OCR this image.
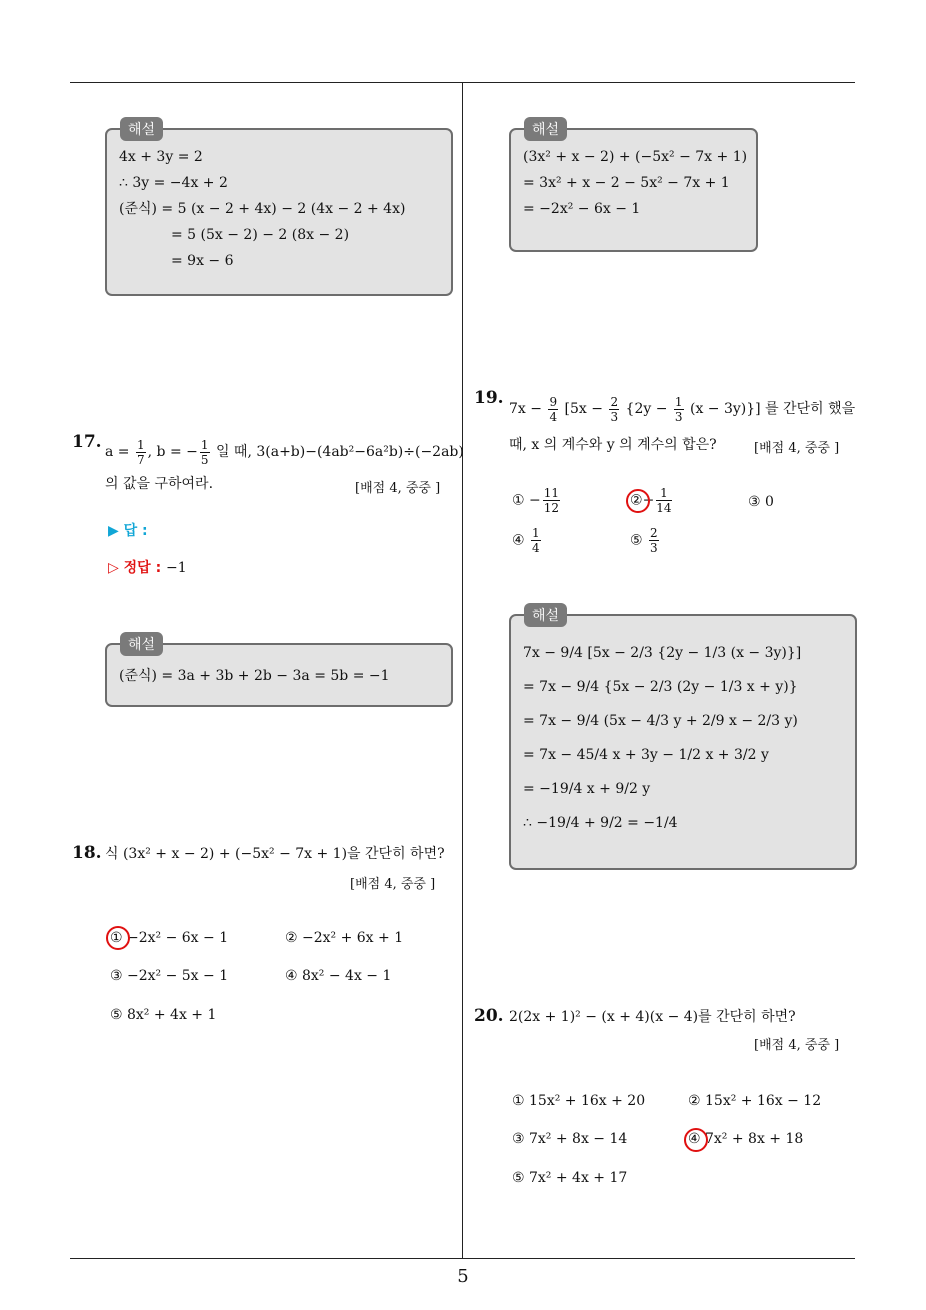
4x + 3y = 2
∴ 3y = −4x + 2
(준식) = 5 (x − 2 + 4x) − 2 (4x − 2 + 4x)
= 5 (5x − 2) − 2 (8x − 2)
= 9x − 6
해설
(3x² + x − 2) + (−5x² − 7x + 1)
= 3x² + x − 2 − 5x² − 7x + 1
= −2x² − 6x − 1
해설
17. $a = \frac{1}{7}$ , b = − $\frac{1}{5}$ 일 때, 3(a+b)−(4ab²−6a²b)÷(−2ab)
의 값을 구하여라.	[배점 4, 중중 ]
▶ 답 :
▷ 정답 : −1
(준식) = 3a + 3b + 2b − 3a = 5b = −1
해설
18. 식 (3x² + x − 2) + (−5x² − 7x + 1)을 간단히 하면?
[배점 4, 중중 ]
① −2x² − 6x − 1	② −2x² + 6x + 1
③ −2x² − 5x − 1	④ 8x² − 4x − 1
⑤ 8x² + 4x + 1
19.
$7x - \frac{9}{4} [5x - \frac{2}{3} \{2y - \frac{1}{3} (x - 3y)\}]$ 를 간단히 했을
때, x 의 계수와 y 의 계수의 합은?	[배점 4, 중중 ]
① − $\frac{11}{12}$	②− $\frac{1}{14}$	③ 0
④ $\frac{1}{4}$	⑤ $\frac{2}{3}$
7x − 9/4 [5x − 2/3 {2y − 1/3 (x − 3y)}]
= 7x − 9/4 {5x − 2/3 (2y − 1/3 x + y)}
= 7x − 9/4 (5x − 4/3 y + 2/9 x − 2/3 y)
= 7x − 45/4 x + 3y − 1/2 x + 3/2 y
= −19/4 x + 9/2 y
∴ −19/4 + 9/2 = −1/4
해설
20. 2(2x + 1)² − (x + 4)(x − 4)를 간단히 하면?
[배점 4, 중중 ]
① 15x² + 16x + 20	② 15x² + 16x − 12
③ 7x² + 8x − 14	④ 7x² + 8x + 18
⑤ 7x² + 4x + 17
5
